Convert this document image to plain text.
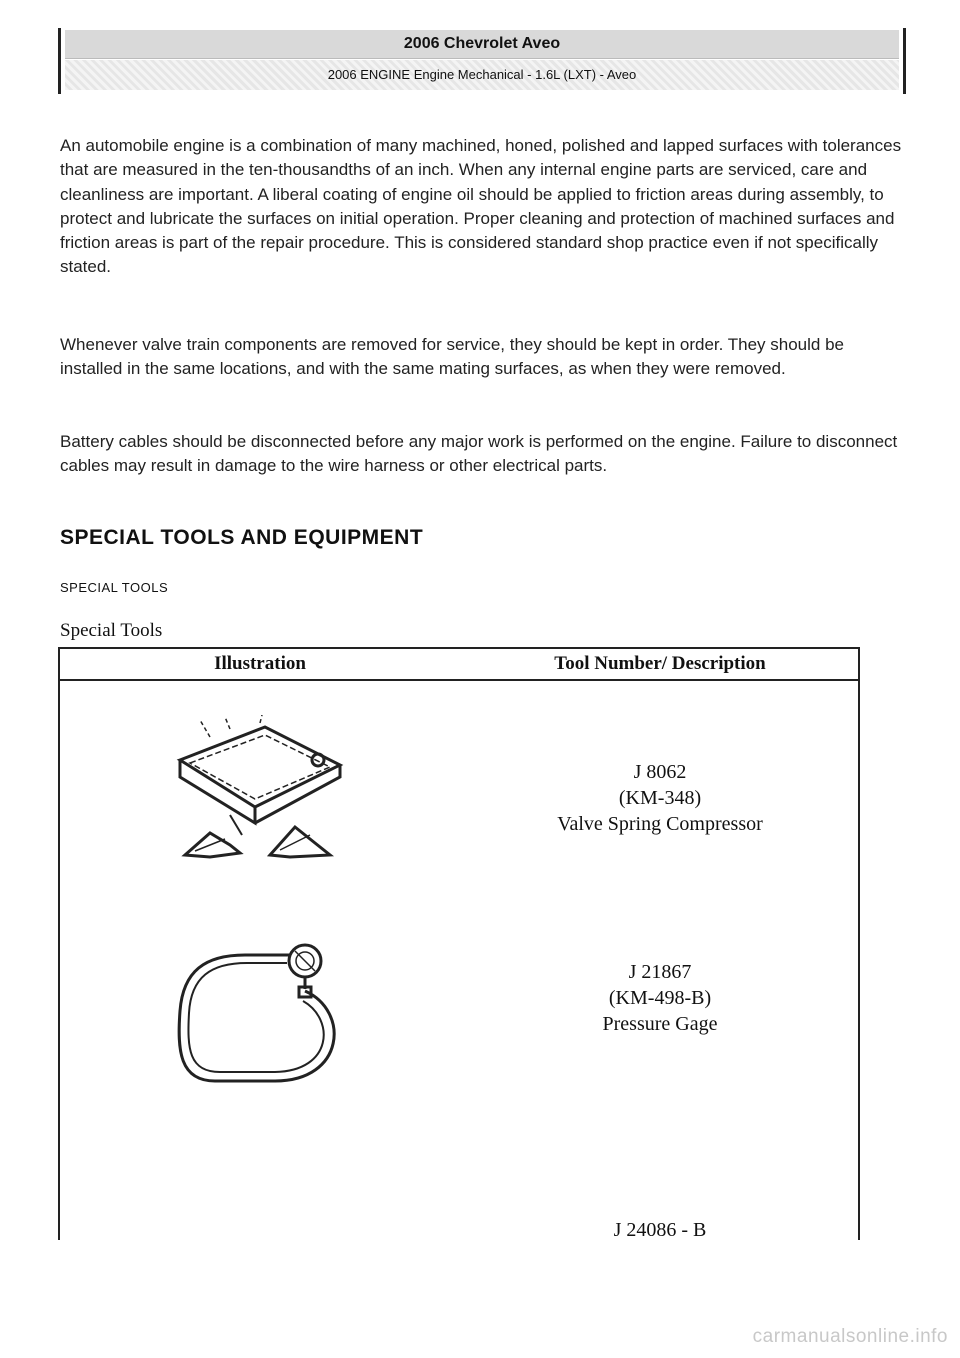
2006 Chevrolet Aveo
2006 ENGINE Engine Mechanical - 1.6L (LXT) - Aveo

An automobile engine is a combination of many machined, honed, polished and lapped surfaces with tolerances that are measured in the ten-thousandths of an inch. When any internal engine parts are serviced, care and cleanliness are important. A liberal coating of engine oil should be applied to friction areas during assembly, to protect and lubricate the surfaces on initial operation. Proper cleaning and protection of machined surfaces and friction areas is part of the repair procedure. This is considered standard shop practice even if not specifically stated.

Whenever valve train components are removed for service, they should be kept in order. They should be installed in the same locations, and with the same mating surfaces, as when they were removed.

Battery cables should be disconnected before any major work is performed on the engine. Failure to disconnect cables may result in damage to the wire harness or other electrical parts.

SPECIAL TOOLS AND EQUIPMENT
SPECIAL TOOLS
Special Tools
Illustration	Tool Number/ Description
J 8062
(KM-348)
Valve Spring Compressor
J 21867
(KM-498-B)
Pressure Gage
J 24086 - B
carmanualsonline.info
